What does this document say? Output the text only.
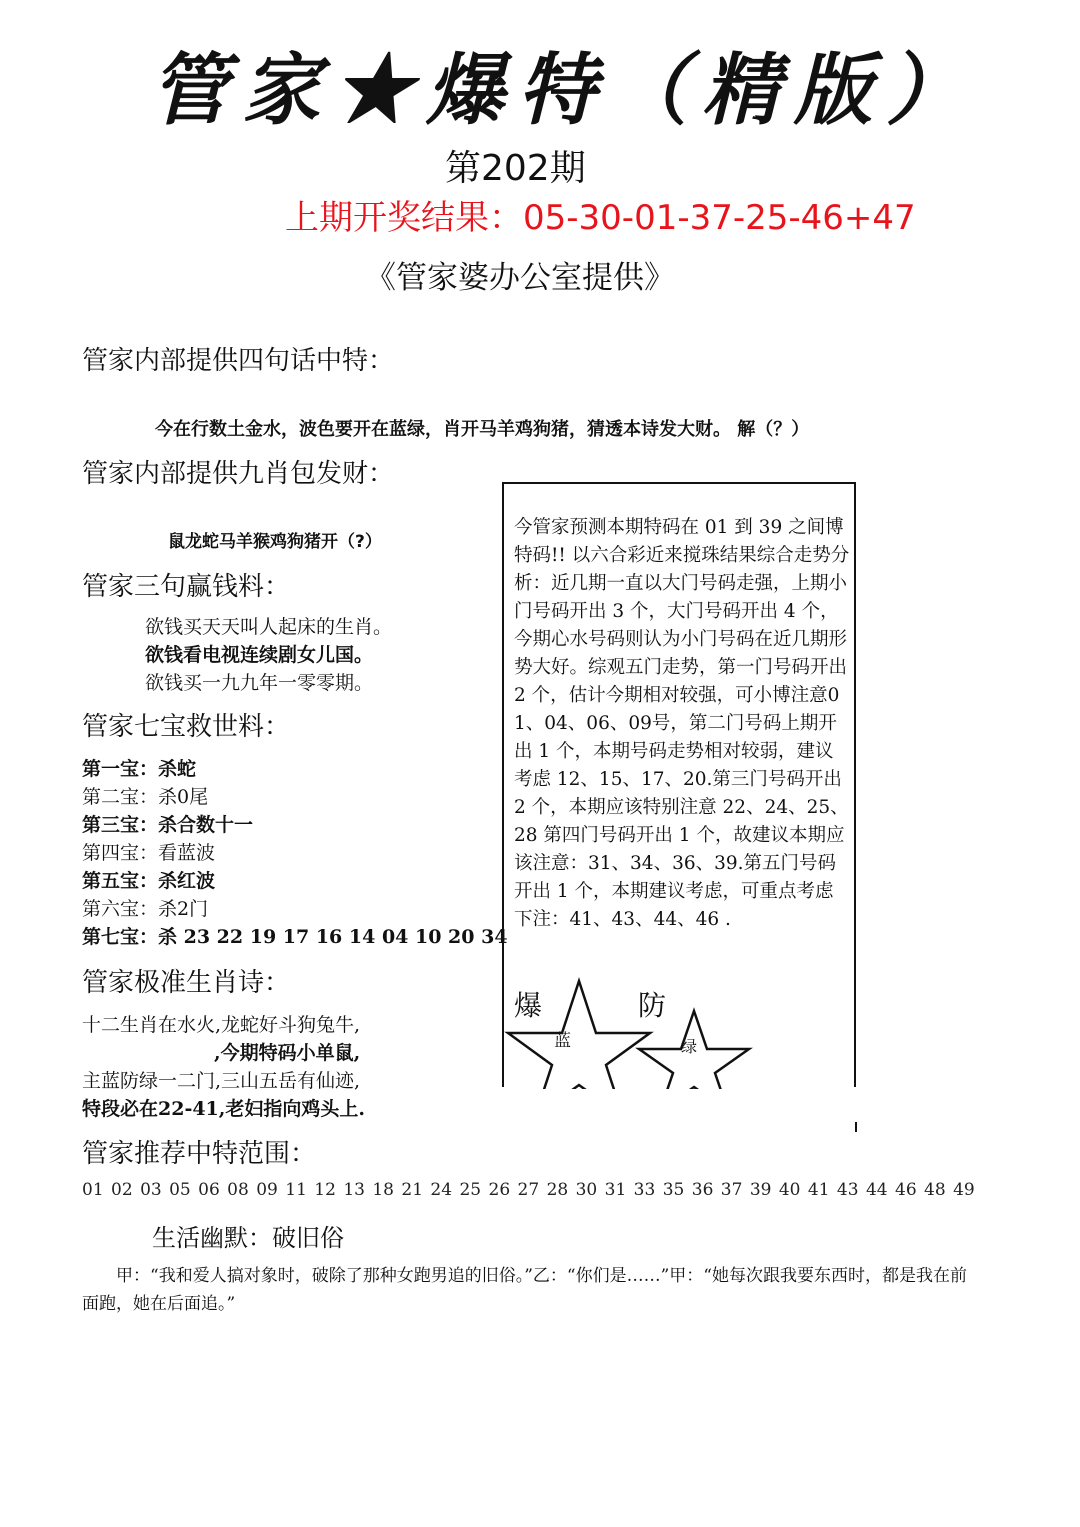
管家★爆特（精版）
第202期
上期开奖结果：05-30-01-37-25-46+47
《管家婆办公室提供》
管家内部提供四句话中特：
今在行数土金水，波色要开在蓝绿，肖开马羊鸡狗猪，猜透本诗发大财。 解（？）
管家内部提供九肖包发财：
鼠龙蛇马羊猴鸡狗猪开（?）
管家三句赢钱料：
欲钱买天天叫人起床的生肖。
欲钱看电视连续剧女儿国。
欲钱买一九九年一零零期。
管家七宝救世料：
第一宝：杀蛇
第二宝：杀0尾
第三宝：杀合数十一
第四宝：看蓝波
第五宝：杀红波
第六宝：杀2门
第七宝：杀 23 22 19 17 16 14 04 10 20 34
管家极准生肖诗：
十二生肖在水火,龙蛇好斗狗兔牛,
,今期特码小单鼠,
主蓝防绿一二门,三山五岳有仙迹,
特段必在22-41,老妇指向鸡头上.
今管家预测本期特码在 01 到 39 之间博特码!! 以六合彩近来搅珠结果综合走势分析：近几期一直以大门号码走强，上期小门号码开出 3 个，大门号码开出 4 个，今期心水号码则认为小门号码在近几期形势大好。综观五门走势，第一门号码开出 2 个，估计今期相对较强，可小博注意01、04、06、09号，第二门号码上期开出 1 个，本期号码走势相对较弱，建议考虑 12、15、17、20.第三门号码开出 2 个，本期应该特别注意 22、24、25、28 第四门号码开出 1 个，故建议本期应该注意：31、34、36、39.第五门号码开出 1 个，本期建议考虑，可重点考虑下注：41、43、44、46 .
爆
蓝
防
绿
管家推荐中特范围：
01 02 03 05 06 08 09 11 12 13 18 21 24 25 26 27 28 30 31 33 35 36 37 39 40 41 43 44 46 48 49
生活幽默：破旧俗
甲：“我和爱人搞对象时，破除了那种女跑男追的旧俗。”乙：“你们是……”甲：“她每次跟我要东西时，都是我在前面跑，她在后面追。”
